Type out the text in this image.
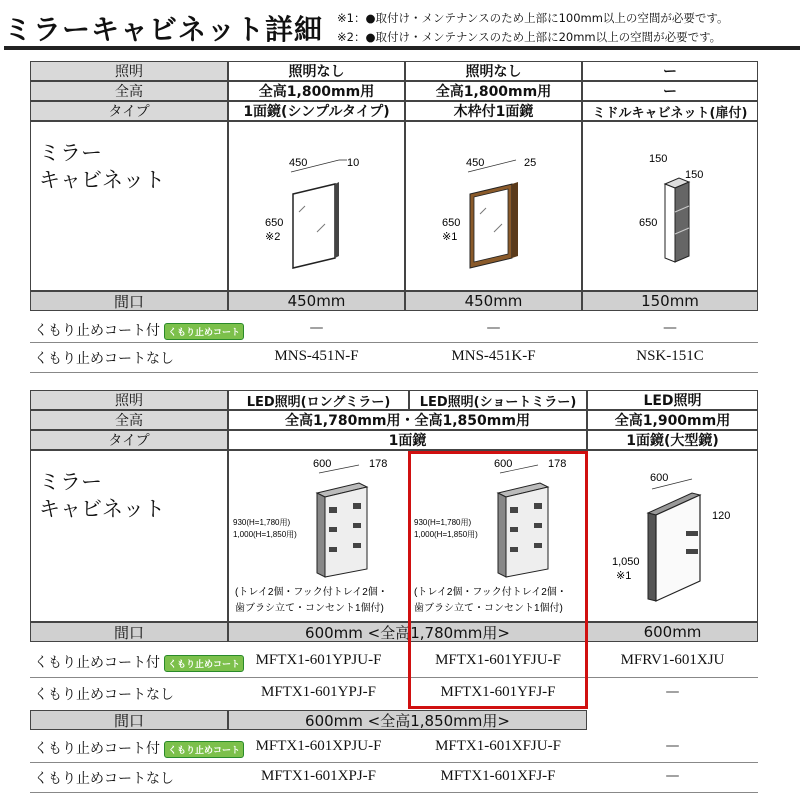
ミラーキャビネット詳細 ※1：●取付け・メンテナンスのため上部に100mm以上の空間が必要です。
※2：●取付け・メンテナンスのため上部に20mm以上の空間が必要です。
照明	照明なし	照明なし	ー
全高	全高1,800mm用	全高1,800mm用	ー
タイプ	1面鏡(シンプルタイプ)	木枠付1面鏡	ミドルキャビネット(扉付)
ミラー
キャビネット
450	10
650
※2
450	25
650
※1
150
150
650
間口	450mm	450mm	150mm
くもり止めコート付 くもり止めコート	—	—	—
くもり止めコートなし	MNS-451N-F	MNS-451K-F	NSK-151C
照明	LED照明(ロングミラー)	LED照明(ショートミラー)	LED照明
全高	全高1,780mm用・全高1,850mm用	全高1,900mm用
タイプ	1面鏡	1面鏡(大型鏡)
ミラー
キャビネット
600	178
930(H=1,780用)
1,000(H=1,850用)
(トレイ2個・フック付トレイ2個・
歯ブラシ立て・コンセント1個付)
600	178
930(H=1,780用)
1,000(H=1,850用)
(トレイ2個・フック付トレイ2個・
歯ブラシ立て・コンセント1個付)
600
120
1,050
※1
間口	600mm <全高1,780mm用>	600mm
くもり止めコート付 くもり止めコート	MFTX1-601YPJU-F	MFTX1-601YFJU-F	MFRV1-601XJU
くもり止めコートなし	MFTX1-601YPJ-F	MFTX1-601YFJ-F	—
間口	600mm <全高1,850mm用>
くもり止めコート付 くもり止めコート	MFTX1-601XPJU-F	MFTX1-601XFJU-F	—
くもり止めコートなし	MFTX1-601XPJ-F	MFTX1-601XFJ-F	—
